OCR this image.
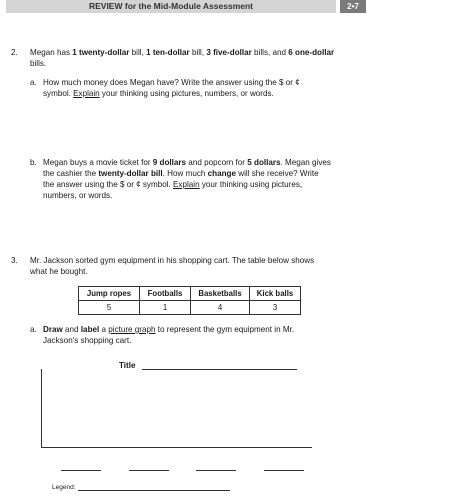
REVIEW for the Mid-Module Assessment	2•7
2. Megan has 1 twenty-dollar bill, 1 ten-dollar bill, 3 five-dollar bills, and 6 one-dollar
bills.
a. How much money does Megan have? Write the answer using the $ or ¢
symbol. Explain your thinking using pictures, numbers, or words.
b. Megan buys a movie ticket for 9 dollars and popcorn for 5 dollars. Megan gives
the cashier the twenty-dollar bill. How much change will she receive? Write
the answer using the $ or ¢ symbol. Explain your thinking using pictures,
numbers, or words.
3. Mr. Jackson sorted gym equipment in his shopping cart. The table below shows
what he bought.
Jump ropes	Footballs	Basketballs	Kick balls
5	1	4	3
a. Draw and label a picture graph to represent the gym equipment in Mr.
Jackson's shopping cart.
Title
Legend:
